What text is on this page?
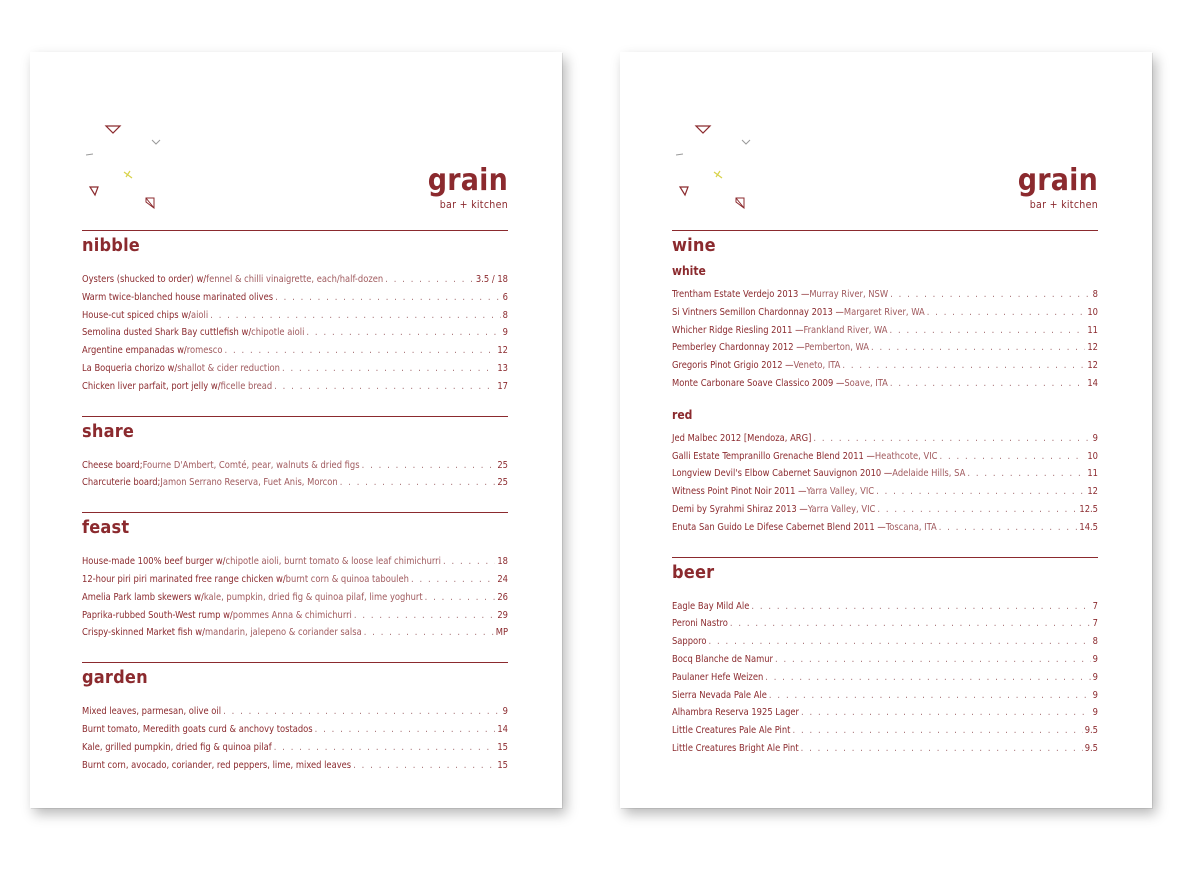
grain
bar + kitchen
nibble
Oysters (shucked to order) w/ fennel & chilli vinaigrette, each/half-dozen . . .	3.5 / 18
Warm twice-blanched house marinated olives . . .	6
House-cut spiced chips w/ aioli . . .	8
Semolina dusted Shark Bay cuttlefish w/ chipotle aioli . . .	9
Argentine empanadas w/ romesco . . .	12
La Boqueria chorizo w/ shallot & cider reduction . . .	13
Chicken liver parfait, port jelly w/ ficelle bread . . .	17
share
Cheese board; Fourne D'Ambert, Comté, pear, walnuts & dried figs . . .	25
Charcuterie board; Jamon Serrano Reserva, Fuet Anis, Morcon . . .	25
feast
House-made 100% beef burger w/ chipotle aioli, burnt tomato & loose leaf chimichurri . . .	18
12-hour piri piri marinated free range chicken w/ burnt corn & quinoa tabouleh . . .	24
Amelia Park lamb skewers w/ kale, pumpkin, dried fig & quinoa pilaf, lime yoghurt . . .	26
Paprika-rubbed South-West rump w/ pommes Anna & chimichurri . . .	29
Crispy-skinned Market fish w/ mandarin, jalepeno & coriander salsa . . .	MP
garden
Mixed leaves, parmesan, olive oil . . .	9
Burnt tomato, Meredith goats curd & anchovy tostados . . .	14
Kale, grilled pumpkin, dried fig & quinoa pilaf . . .	15
Burnt corn, avocado, coriander, red peppers, lime, mixed leaves . . .	15
grain
bar + kitchen
wine
white
Trentham Estate Verdejo 2013 — Murray River, NSW . . .	8
Si Vintners Semillon Chardonnay 2013 — Margaret River, WA . . .	10
Whicher Ridge Riesling 2011 — Frankland River, WA . . .	11
Pemberley Chardonnay 2012 — Pemberton, WA . . .	12
Gregoris Pinot Grigio 2012 — Veneto, ITA . . .	12
Monte Carbonare Soave Classico 2009 — Soave, ITA . . .	14
red
Jed Malbec 2012 [Mendoza, ARG] . . .	9
Galli Estate Tempranillo Grenache Blend 2011 — Heathcote, VIC . . .	10
Longview Devil's Elbow Cabernet Sauvignon 2010 — Adelaide Hills, SA . . .	11
Witness Point Pinot Noir 2011 — Yarra Valley, VIC . . .	12
Demi by Syrahmi Shiraz 2013 — Yarra Valley, VIC . . .	12.5
Enuta San Guido Le Difese Cabernet Blend 2011 — Toscana, ITA . . .	14.5
beer
Eagle Bay Mild Ale . . .	7
Peroni Nastro . . .	7
Sapporo . . .	8
Bocq Blanche de Namur . . .	9
Paulaner Hefe Weizen . . .	9
Sierra Nevada Pale Ale . . .	9
Alhambra Reserva 1925 Lager . . .	9
Little Creatures Pale Ale Pint . . .	9.5
Little Creatures Bright Ale Pint . . .	9.5
